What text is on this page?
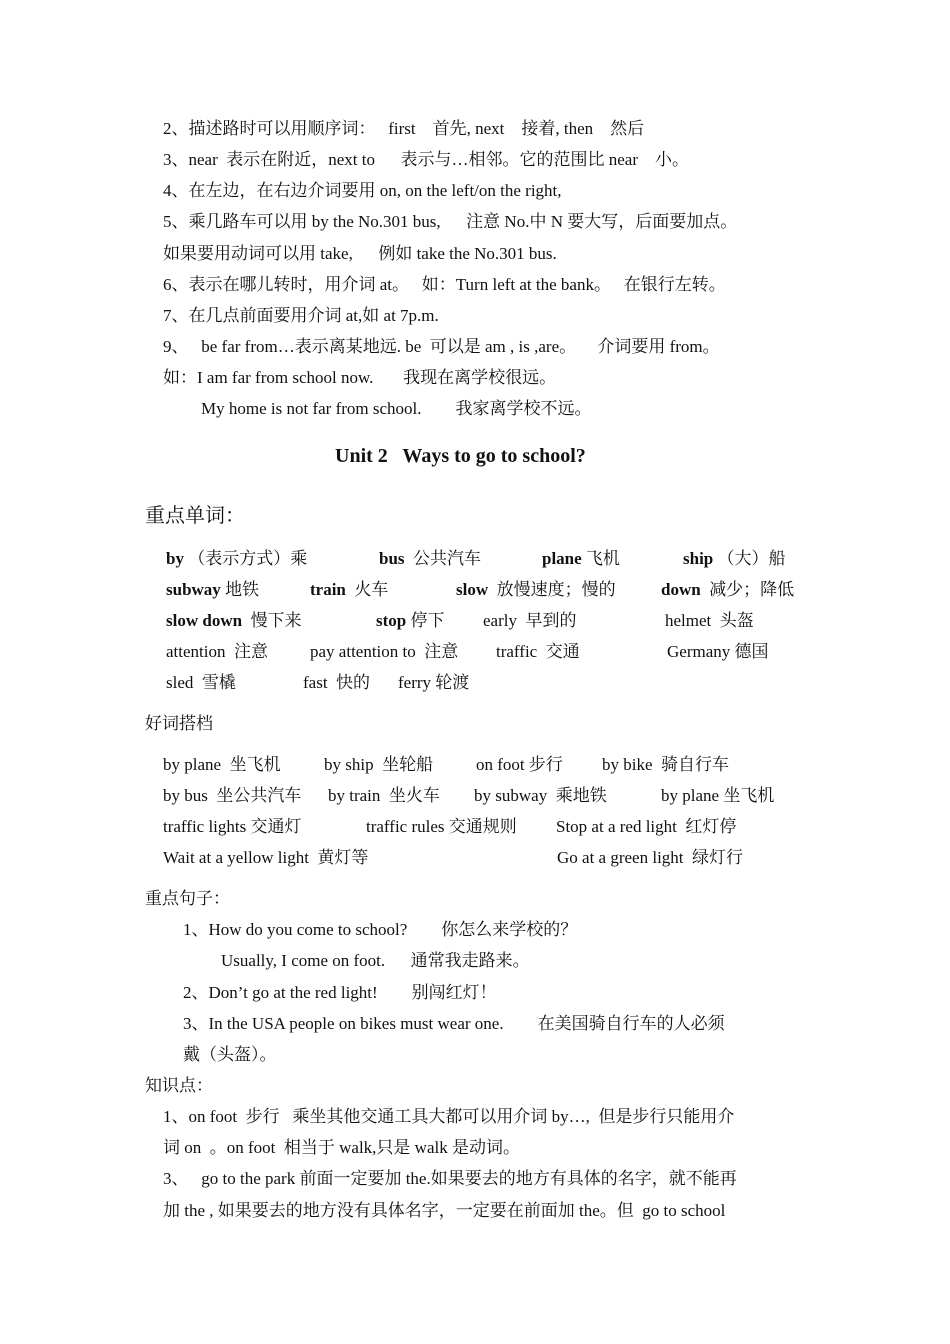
2、描述路时可以用顺序词：   first    首先, next    接着, then    然后
3、near  表示在附近，next to      表示与…相邻。它的范围比 near    小。
4、在左边，在右边介词要用 on, on the left/on the right,
5、乘几路车可以用 by the No.301 bus,      注意 No.中 N 要大写，后面要加点。
如果要用动词可以用 take,      例如 take the No.301 bus.
6、表示在哪儿转时，用介词 at。   如：Turn left at the bank。   在银行左转。
7、在几点前面要用介词 at,如 at 7p.m.
9、   be far from…表示离某地远. be  可以是 am , is ,are。     介词要用 from。
如：I am far from school now.       我现在离学校很远。
My home is not far from school.        我家离学校不远。
Unit 2   Ways to go to school?
重点单词：
by （表示方式）乘	bus 公共汽车	plane 飞机	ship （大）船
subway 地铁	train 火车	slow 放慢速度；慢的	down 减少；降低
slow down 慢下来	stop 停下 early 早到的	helmet 头盔
attention 注意 pay attention to 注意 traffic 交通	Germany 德国
sled 雪橇	fast 快的 ferry 轮渡
好词搭档
by plane  坐飞机	by ship  坐轮船	on foot 步行 by bike  骑自行车
by bus  坐公共汽车 by train  坐火车 by subway  乘地铁	by plane 坐飞机
traffic lights 交通灯	traffic rules 交通规则 Stop at a red light  红灯停
Wait at a yellow light  黄灯等	Go at a green light  绿灯行
重点句子：
1、How do you come to school?        你怎么来学校的？
Usually, I come on foot.      通常我走路来。
2、Don’t go at the red light!        别闯红灯！
3、In the USA people on bikes must wear one.        在美国骑自行车的人必须
戴（头盔）。
知识点：
1、on foot  步行   乘坐其他交通工具大都可以用介词 by…,  但是步行只能用介
词 on  。on foot  相当于 walk,只是 walk 是动词。
3、   go to the park 前面一定要加 the.如果要去的地方有具体的名字，就不能再
加 the , 如果要去的地方没有具体名字，一定要在前面加 the。但  go to school
